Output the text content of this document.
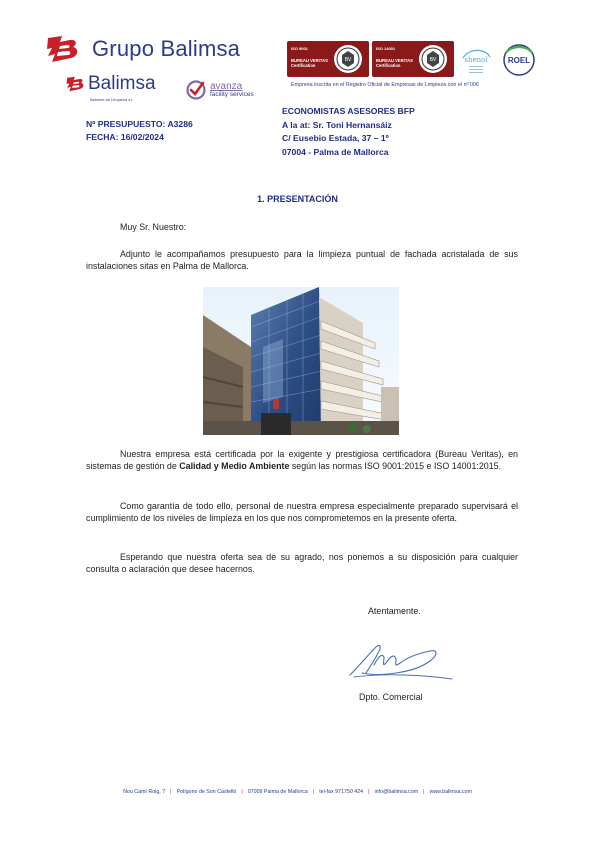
Grupo Balimsa
Balimsa
Balones de Limpieza s.l.
avanza
facility services
ISO 9001
BUREAU VERITAS
Certification
BV
ISO 14001
BUREAU VERITAS
Certification
BV	shenol	ROEL
Empresa inscrita en el Registro Oficial de Empresas de Limpieza con el nº 006
Nº PRESUPUESTO: A3286
FECHA: 16/02/2024
ECONOMISTAS ASESORES BFP
A la at: Sr. Toni Hernansáiz
C/ Eusebio Estada, 37 – 1º
07004 - Palma de Mallorca
1. PRESENTACIÓN
Muy Sr. Nuestro:
Adjunto le acompañamos presupuesto para la limpieza puntual de fachada acristalada de sus instalaciones sitas en Palma de Mallorca.
Nuestra empresa está certificada por la exigente y prestigiosa certificadora (Bureau Veritas), en sistemas de gestión de Calidad y Medio Ambiente según las normas ISO 9001:2015 e ISO 14001:2015.
Como garantía de todo ello, personal de nuestra empresa especialmente preparado supervisará el cumplimiento de los niveles de limpieza en los que nos comprometemos en la presente oferta.
Esperando que nuestra oferta sea de su agrado, nos ponemos a su disposición para cualquier consulta o aclaración que desee hacernos.
Atentamente.
Dpto. Comercial
Nou Camí Roig, 7 | Polígono de Son Castelló | 07009 Palma de Mallorca | tel-fax 971750 424 | info@balimsa.com | www.balimsa.com
